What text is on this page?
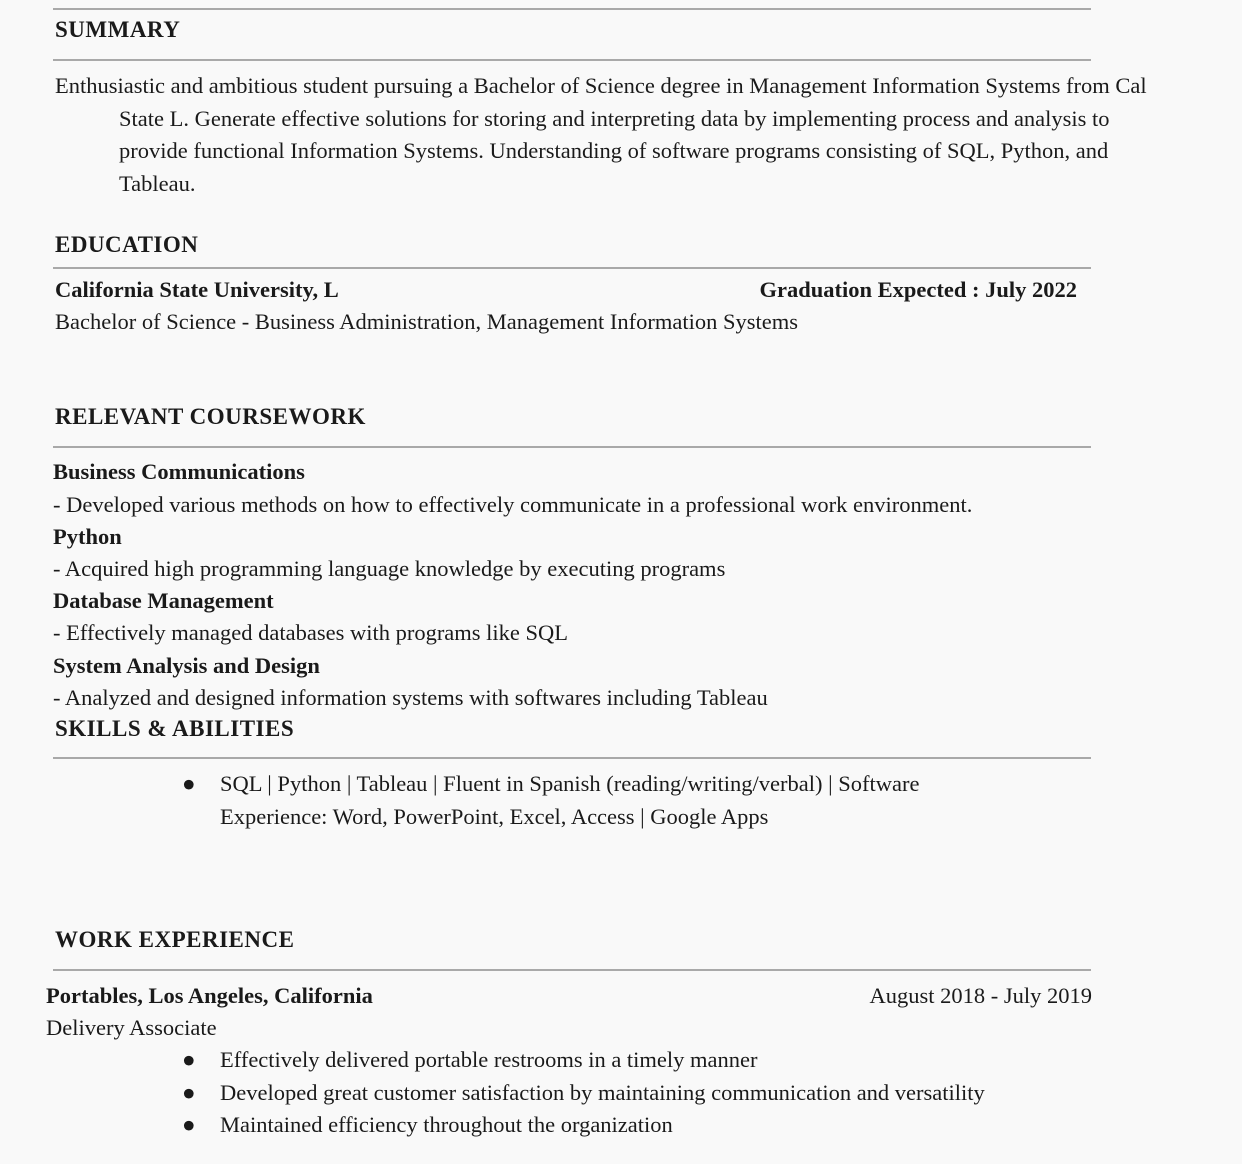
SUMMARY
Enthusiastic and ambitious student pursuing a Bachelor of Science degree in Management Information Systems from Cal State L. Generate effective solutions for storing and interpreting data by implementing process and analysis to provide functional Information Systems. Understanding of software programs consisting of SQL, Python, and Tableau.
EDUCATION
California State University, L	Graduation Expected : July 2022
Bachelor of Science - Business Administration, Management Information Systems
RELEVANT COURSEWORK
Business Communications
- Developed various methods on how to effectively communicate in a professional work environment.
Python
- Acquired high programming language knowledge by executing programs
Database Management
- Effectively managed databases with programs like SQL
System Analysis and Design
- Analyzed and designed information systems with softwares including Tableau
SKILLS & ABILITIES
●	SQL | Python | Tableau | Fluent in Spanish (reading/writing/verbal) | Software
Experience: Word, PowerPoint, Excel, Access | Google Apps
WORK EXPERIENCE
Portables, Los Angeles, California	August 2018 - July 2019
Delivery Associate
●	Effectively delivered portable restrooms in a timely manner
●	Developed great customer satisfaction by maintaining communication and versatility
●	Maintained efficiency throughout the organization
